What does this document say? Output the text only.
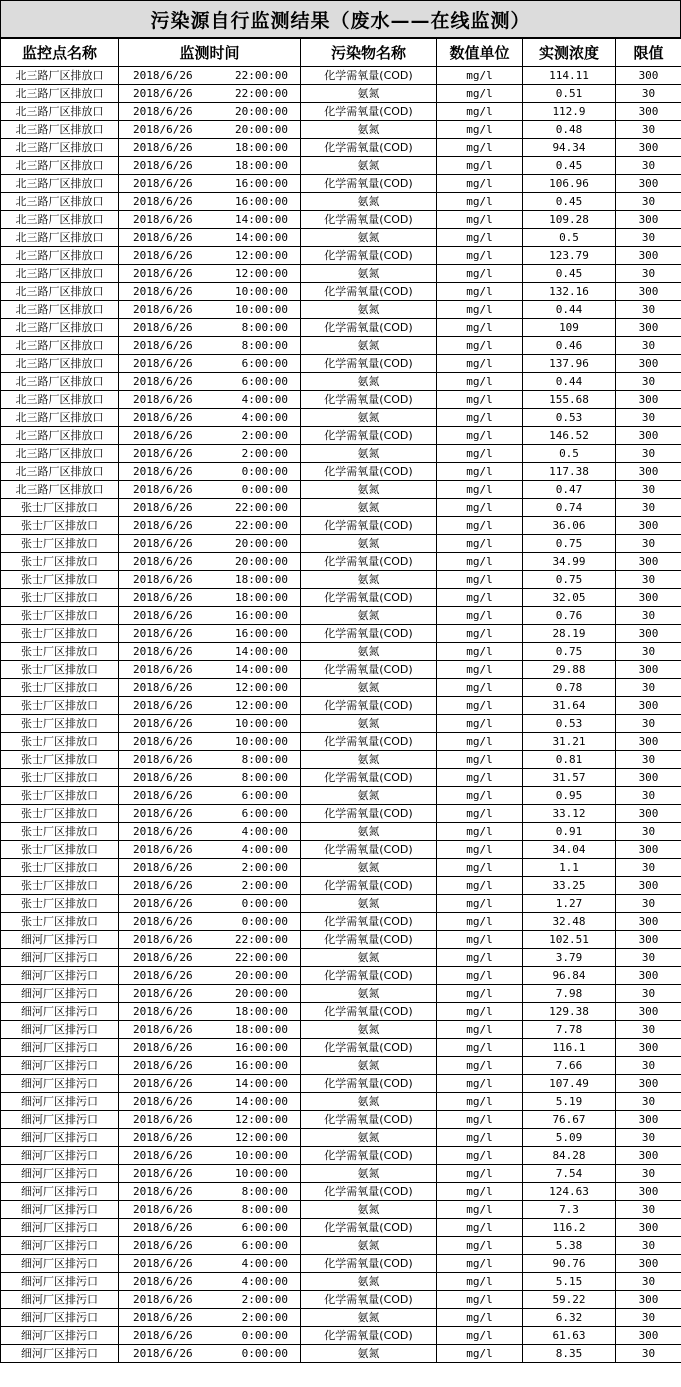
污染源自行监测结果（废水——在线监测）
监控点名称	监测时间	污染物名称	数值单位	实测浓度	限值
北三路厂区排放口	2018/6/26 22:00:00	化学需氧量(COD)	mg/l	114.11	300
北三路厂区排放口	2018/6/26 22:00:00	氨氮	mg/l	0.51	30
北三路厂区排放口	2018/6/26 20:00:00	化学需氧量(COD)	mg/l	112.9	300
北三路厂区排放口	2018/6/26 20:00:00	氨氮	mg/l	0.48	30
北三路厂区排放口	2018/6/26 18:00:00	化学需氧量(COD)	mg/l	94.34	300
北三路厂区排放口	2018/6/26 18:00:00	氨氮	mg/l	0.45	30
北三路厂区排放口	2018/6/26 16:00:00	化学需氧量(COD)	mg/l	106.96	300
北三路厂区排放口	2018/6/26 16:00:00	氨氮	mg/l	0.45	30
北三路厂区排放口	2018/6/26 14:00:00	化学需氧量(COD)	mg/l	109.28	300
北三路厂区排放口	2018/6/26 14:00:00	氨氮	mg/l	0.5	30
北三路厂区排放口	2018/6/26 12:00:00	化学需氧量(COD)	mg/l	123.79	300
北三路厂区排放口	2018/6/26 12:00:00	氨氮	mg/l	0.45	30
北三路厂区排放口	2018/6/26 10:00:00	化学需氧量(COD)	mg/l	132.16	300
北三路厂区排放口	2018/6/26 10:00:00	氨氮	mg/l	0.44	30
北三路厂区排放口	2018/6/26 8:00:00	化学需氧量(COD)	mg/l	109	300
北三路厂区排放口	2018/6/26 8:00:00	氨氮	mg/l	0.46	30
北三路厂区排放口	2018/6/26 6:00:00	化学需氧量(COD)	mg/l	137.96	300
北三路厂区排放口	2018/6/26 6:00:00	氨氮	mg/l	0.44	30
北三路厂区排放口	2018/6/26 4:00:00	化学需氧量(COD)	mg/l	155.68	300
北三路厂区排放口	2018/6/26 4:00:00	氨氮	mg/l	0.53	30
北三路厂区排放口	2018/6/26 2:00:00	化学需氧量(COD)	mg/l	146.52	300
北三路厂区排放口	2018/6/26 2:00:00	氨氮	mg/l	0.5	30
北三路厂区排放口	2018/6/26 0:00:00	化学需氧量(COD)	mg/l	117.38	300
北三路厂区排放口	2018/6/26 0:00:00	氨氮	mg/l	0.47	30
张士厂区排放口	2018/6/26 22:00:00	氨氮	mg/l	0.74	30
张士厂区排放口	2018/6/26 22:00:00	化学需氧量(COD)	mg/l	36.06	300
张士厂区排放口	2018/6/26 20:00:00	氨氮	mg/l	0.75	30
张士厂区排放口	2018/6/26 20:00:00	化学需氧量(COD)	mg/l	34.99	300
张士厂区排放口	2018/6/26 18:00:00	氨氮	mg/l	0.75	30
张士厂区排放口	2018/6/26 18:00:00	化学需氧量(COD)	mg/l	32.05	300
张士厂区排放口	2018/6/26 16:00:00	氨氮	mg/l	0.76	30
张士厂区排放口	2018/6/26 16:00:00	化学需氧量(COD)	mg/l	28.19	300
张士厂区排放口	2018/6/26 14:00:00	氨氮	mg/l	0.75	30
张士厂区排放口	2018/6/26 14:00:00	化学需氧量(COD)	mg/l	29.88	300
张士厂区排放口	2018/6/26 12:00:00	氨氮	mg/l	0.78	30
张士厂区排放口	2018/6/26 12:00:00	化学需氧量(COD)	mg/l	31.64	300
张士厂区排放口	2018/6/26 10:00:00	氨氮	mg/l	0.53	30
张士厂区排放口	2018/6/26 10:00:00	化学需氧量(COD)	mg/l	31.21	300
张士厂区排放口	2018/6/26 8:00:00	氨氮	mg/l	0.81	30
张士厂区排放口	2018/6/26 8:00:00	化学需氧量(COD)	mg/l	31.57	300
张士厂区排放口	2018/6/26 6:00:00	氨氮	mg/l	0.95	30
张士厂区排放口	2018/6/26 6:00:00	化学需氧量(COD)	mg/l	33.12	300
张士厂区排放口	2018/6/26 4:00:00	氨氮	mg/l	0.91	30
张士厂区排放口	2018/6/26 4:00:00	化学需氧量(COD)	mg/l	34.04	300
张士厂区排放口	2018/6/26 2:00:00	氨氮	mg/l	1.1	30
张士厂区排放口	2018/6/26 2:00:00	化学需氧量(COD)	mg/l	33.25	300
张士厂区排放口	2018/6/26 0:00:00	氨氮	mg/l	1.27	30
张士厂区排放口	2018/6/26 0:00:00	化学需氧量(COD)	mg/l	32.48	300
细河厂区排污口	2018/6/26 22:00:00	化学需氧量(COD)	mg/l	102.51	300
细河厂区排污口	2018/6/26 22:00:00	氨氮	mg/l	3.79	30
细河厂区排污口	2018/6/26 20:00:00	化学需氧量(COD)	mg/l	96.84	300
细河厂区排污口	2018/6/26 20:00:00	氨氮	mg/l	7.98	30
细河厂区排污口	2018/6/26 18:00:00	化学需氧量(COD)	mg/l	129.38	300
细河厂区排污口	2018/6/26 18:00:00	氨氮	mg/l	7.78	30
细河厂区排污口	2018/6/26 16:00:00	化学需氧量(COD)	mg/l	116.1	300
细河厂区排污口	2018/6/26 16:00:00	氨氮	mg/l	7.66	30
细河厂区排污口	2018/6/26 14:00:00	化学需氧量(COD)	mg/l	107.49	300
细河厂区排污口	2018/6/26 14:00:00	氨氮	mg/l	5.19	30
细河厂区排污口	2018/6/26 12:00:00	化学需氧量(COD)	mg/l	76.67	300
细河厂区排污口	2018/6/26 12:00:00	氨氮	mg/l	5.09	30
细河厂区排污口	2018/6/26 10:00:00	化学需氧量(COD)	mg/l	84.28	300
细河厂区排污口	2018/6/26 10:00:00	氨氮	mg/l	7.54	30
细河厂区排污口	2018/6/26 8:00:00	化学需氧量(COD)	mg/l	124.63	300
细河厂区排污口	2018/6/26 8:00:00	氨氮	mg/l	7.3	30
细河厂区排污口	2018/6/26 6:00:00	化学需氧量(COD)	mg/l	116.2	300
细河厂区排污口	2018/6/26 6:00:00	氨氮	mg/l	5.38	30
细河厂区排污口	2018/6/26 4:00:00	化学需氧量(COD)	mg/l	90.76	300
细河厂区排污口	2018/6/26 4:00:00	氨氮	mg/l	5.15	30
细河厂区排污口	2018/6/26 2:00:00	化学需氧量(COD)	mg/l	59.22	300
细河厂区排污口	2018/6/26 2:00:00	氨氮	mg/l	6.32	30
细河厂区排污口	2018/6/26 0:00:00	化学需氧量(COD)	mg/l	61.63	300
细河厂区排污口	2018/6/26 0:00:00	氨氮	mg/l	8.35	30
